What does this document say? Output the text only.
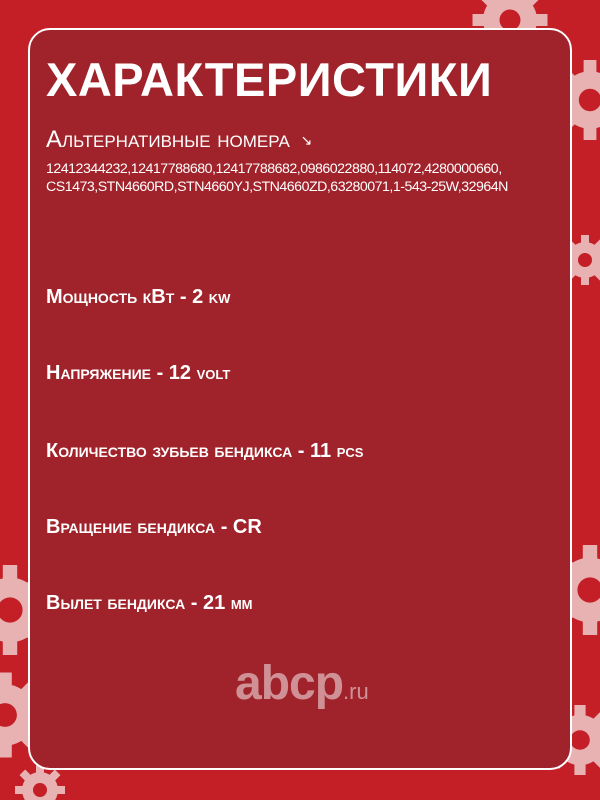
ХАРАКТЕРИСТИКИ
Альтернативные номера ↘
12412344232,12417788680,12417788682,0986022880,114072,4280000660,
CS1473,STN4660RD,STN4660YJ,STN4660ZD,63280071,1-543-25W,32964N
Мощность кВт - 2 kw
Напряжение - 12 volt
Количество зубьев бендикса - 11 pcs
Вращение бендикса - CR
Вылет бендикса - 21 мм
abcp.ru
